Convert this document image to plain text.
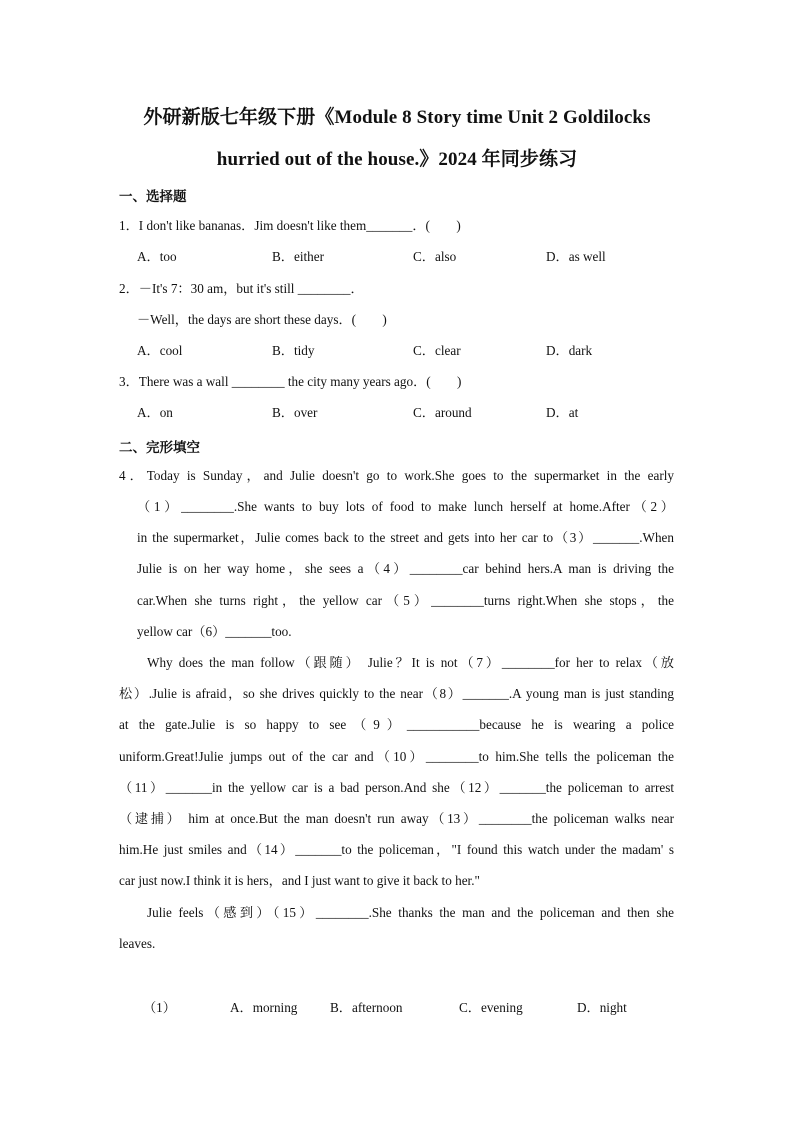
外研新版七年级下册《Module 8 Story time Unit 2 Goldilocks
hurried out of the house.》2024 年同步练习
一、选择题
1．I don't like bananas．Jim doesn't like them_______．(　　)
A．too	B．either	C．also	D．as well
2．－It's 7：30 am，but it's still ________．
－Well，the days are short these days．(　　)
A．cool	B．tidy	C．clear	D．dark
3．There was a wall ________ the city many years ago．(　　)
A．on	B．over	C．around	D．at
二、完形填空
4．Today is Sunday，and Julie doesn't go to work.She goes to the supermarket in the early
（1）________.She wants to buy lots of food to make lunch herself at home.After（2）
in the supermarket，Julie comes back to the street and gets into her car to（3）_______.When
Julie is on her way home，she sees a（4）________car behind hers.A man is driving the
car.When she turns right，the yellow car（5）________turns right.When she stops，the
yellow car（6）_______too.
Why does the man follow（跟随） Julie？It is not（7）________for her to relax（放
松）.Julie is afraid，so she drives quickly to the near（8）_______.A young man is just standing
at the gate.Julie is so happy to see（9）___________because he is wearing a police
uniform.Great!Julie jumps out of the car and（10）________to him.She tells the policeman the
（11）_______in the yellow car is a bad person.And she（12）_______the policeman to arrest
（逮捕） him at once.But the man doesn't run away（13）________the policeman walks near
him.He just smiles and（14）_______to the policeman，"I found this watch under the madam' s
car just now.I think it is hers，and I just want to give it back to her."
Julie feels（感到）（15）________.She thanks the man and the policeman and then she
leaves.
（1）	A．morning B．afternoon	C．evening	D．night
